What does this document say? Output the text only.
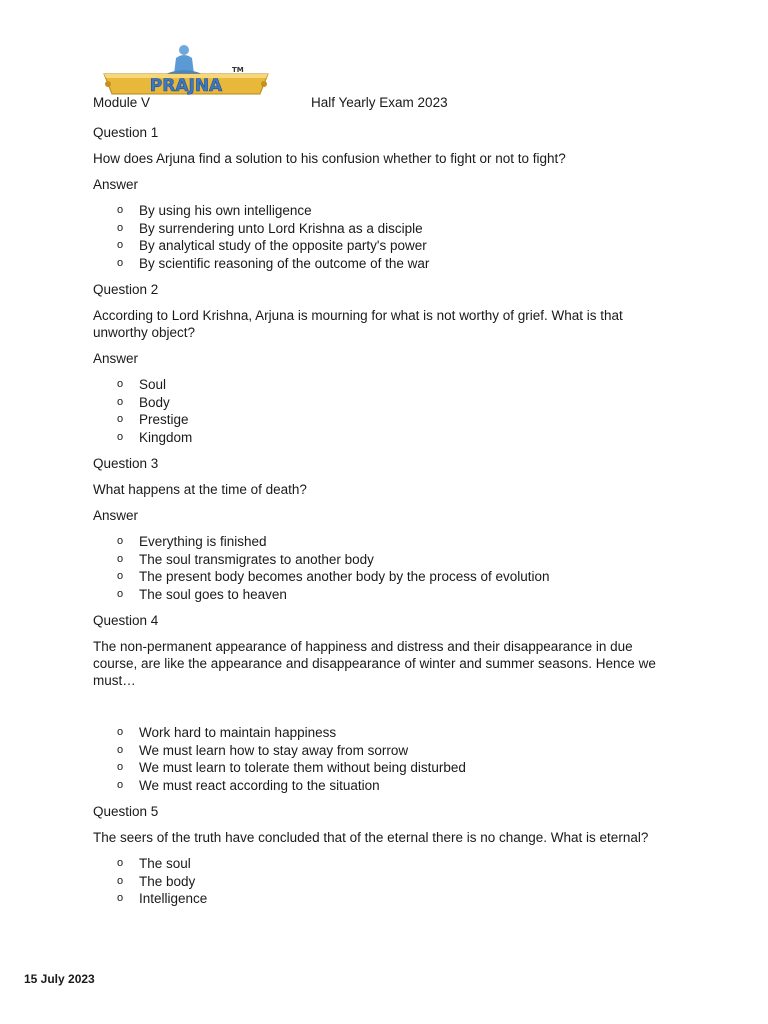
PRAJNA
TM
Module V	Half Yearly Exam 2023
Question 1
How does Arjuna find a solution to his confusion whether to fight or not to fight?
Answer
o By using his own intelligence
o By surrendering unto Lord Krishna as a disciple
o By analytical study of the opposite party's power
o By scientific reasoning of the outcome of the war
Question 2
According to Lord Krishna, Arjuna is mourning for what is not worthy of grief. What is that unworthy object?
Answer
o Soul
o Body
o Prestige
o Kingdom
Question 3
What happens at the time of death?
Answer
o Everything is finished
o The soul transmigrates to another body
o The present body becomes another body by the process of evolution
o The soul goes to heaven
Question 4
The non-permanent appearance of happiness and distress and their disappearance in due course, are like the appearance and disappearance of winter and summer seasons. Hence we must…
o Work hard to maintain happiness
o We must learn how to stay away from sorrow
o We must learn to tolerate them without being disturbed
o We must react according to the situation
Question 5
The seers of the truth have concluded that of the eternal there is no change. What is eternal?
o The soul
o The body
o Intelligence
15 July 2023
